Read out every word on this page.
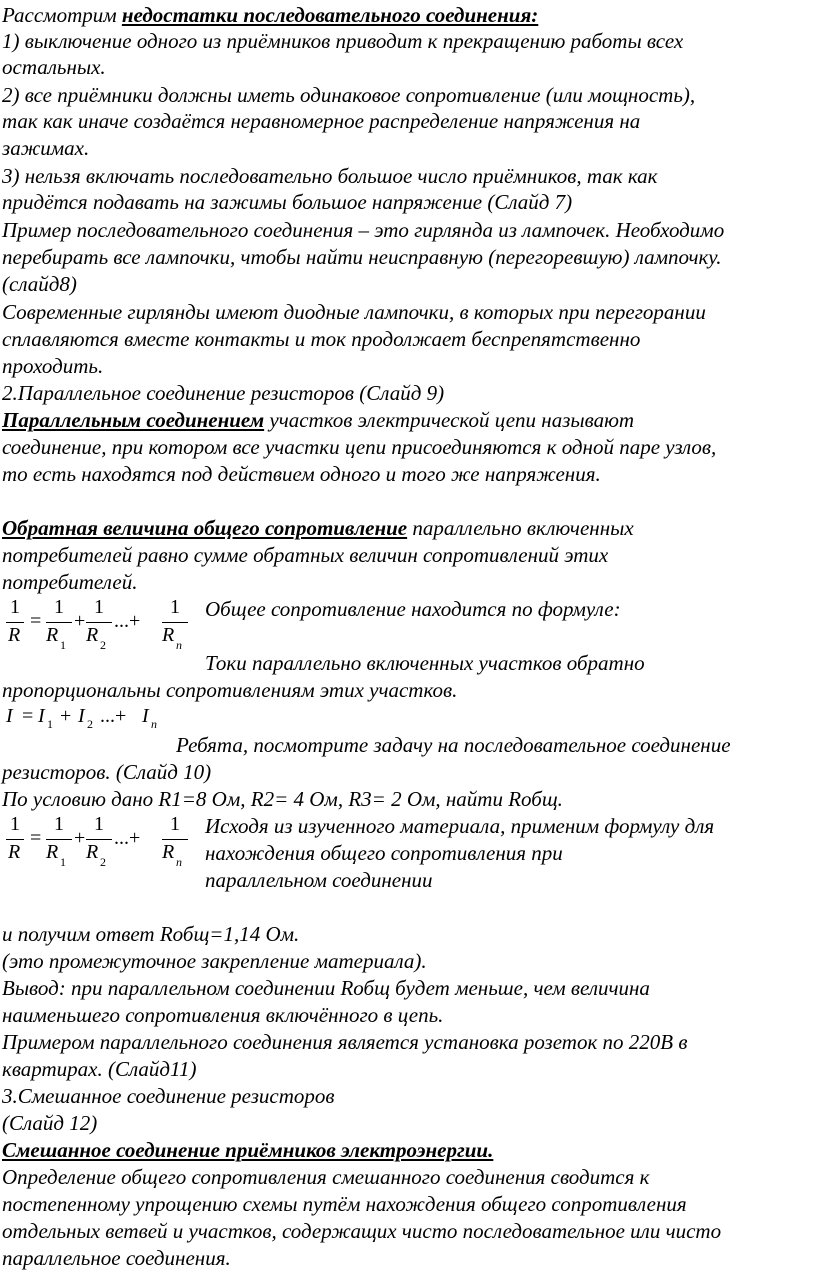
Рассмотрим недостатки последовательного соединения:
1) выключение одного из приёмников приводит к прекращению работы всех
остальных.
2) все приёмники должны иметь одинаковое сопротивление (или мощность),
так как иначе создаётся неравномерное распределение напряжения на
зажимах.
3) нельзя включать последовательно большое число приёмников, так как
придётся подавать на зажимы большое напряжение (Слайд 7)
Пример последовательного соединения – это гирлянда из лампочек. Необходимо
перебирать все лампочки, чтобы найти неисправную (перегоревшую) лампочку.
(слайд8)
Современные гирлянды имеют диодные лампочки, в которых при перегорании
сплавляются вместе контакты и ток продолжает беспрепятственно
проходить.
2.Параллельное соединение резисторов (Слайд 9)
Параллельным соединением участков электрической цепи называют
соединение, при котором все участки цепи присоединяются к одной паре узлов,
то есть находятся под действием одного и того же напряжения.
Обратная величина общего сопротивление параллельно включенных
потребителей равно сумме обратных величин сопротивлений этих
потребителей.
1
R
=
1
R 1
+
1
R 2
...+
1
R n
Общее сопротивление находится по формуле:
Токи параллельно включенных участков обратно
пропорциональны сопротивлениям этих участков.
I = I 1 + I 2 ...+ I n
Ребята, посмотрите задачу на последовательное соединение
резисторов. (Слайд 10)
По условию дано R1=8 Ом, R2= 4 Ом, R3= 2 Ом, найти Rобщ.
1
R
=
1
R 1
+
1
R 2
...+
1
R n
Исходя из изученного материала, применим формулу для
нахождения общего сопротивления при
параллельном соединении
и получим ответ Rобщ=1,14 Ом.
(это промежуточное закрепление материала).
Вывод: при параллельном соединении Rобщ будет меньше, чем величина
наименьшего сопротивления включённого в цепь.
Примером параллельного соединения является установка розеток по 220В в
квартирах. (Слайд11)
3.Смешанное соединение резисторов
(Слайд 12)
Смешанное соединение приёмников электроэнергии.
Определение общего сопротивления смешанного соединения сводится к
постепенному упрощению схемы путём нахождения общего сопротивления
отдельных ветвей и участков, содержащих чисто последовательное или чисто
параллельное соединения.
